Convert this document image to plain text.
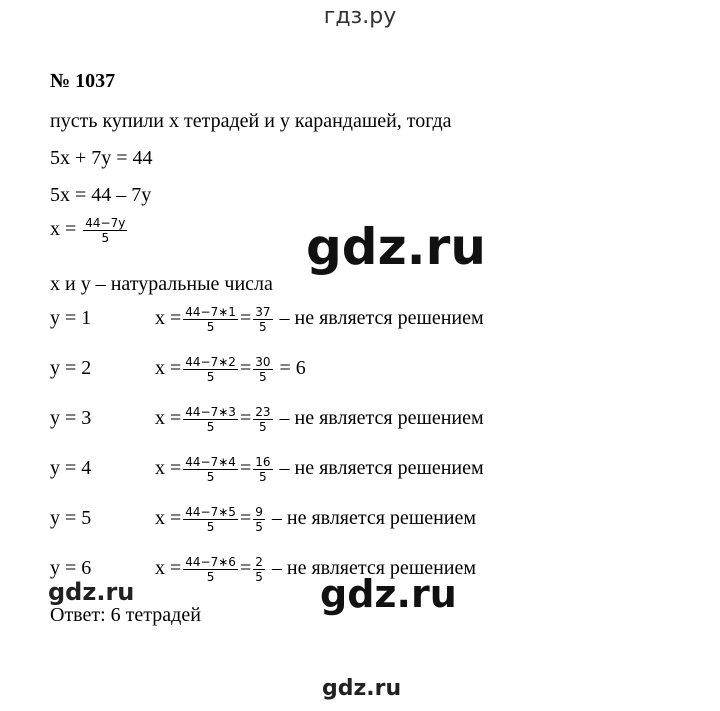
гдз.ру
№ 1037
пусть купили x тетрадей и у карандашей, тогда
5x + 7y = 44
5x = 44 – 7y
$x = \frac{44-7y}{5}$
x и y – натуральные числа
y = 1	$x = \frac{44-7∗1}{5} = \frac{37}{5}$ – не является решением
y = 2	$x = \frac{44-7∗2}{5} = \frac{30}{5} = 6$
y = 3	$x = \frac{44-7∗3}{5} = \frac{23}{5}$ – не является решением
y = 4	$x = \frac{44-7∗4}{5} = \frac{16}{5}$ – не является решением
y = 5	$x = \frac{44-7∗5}{5} = \frac{9}{5}$ – не является решением
y = 6	$x = \frac{44-7∗6}{5} = \frac{2}{5}$ – не является решением
Ответ: 6 тетрадей
gdz.ru
gdz.ru
gdz.ru
gdz.ru
